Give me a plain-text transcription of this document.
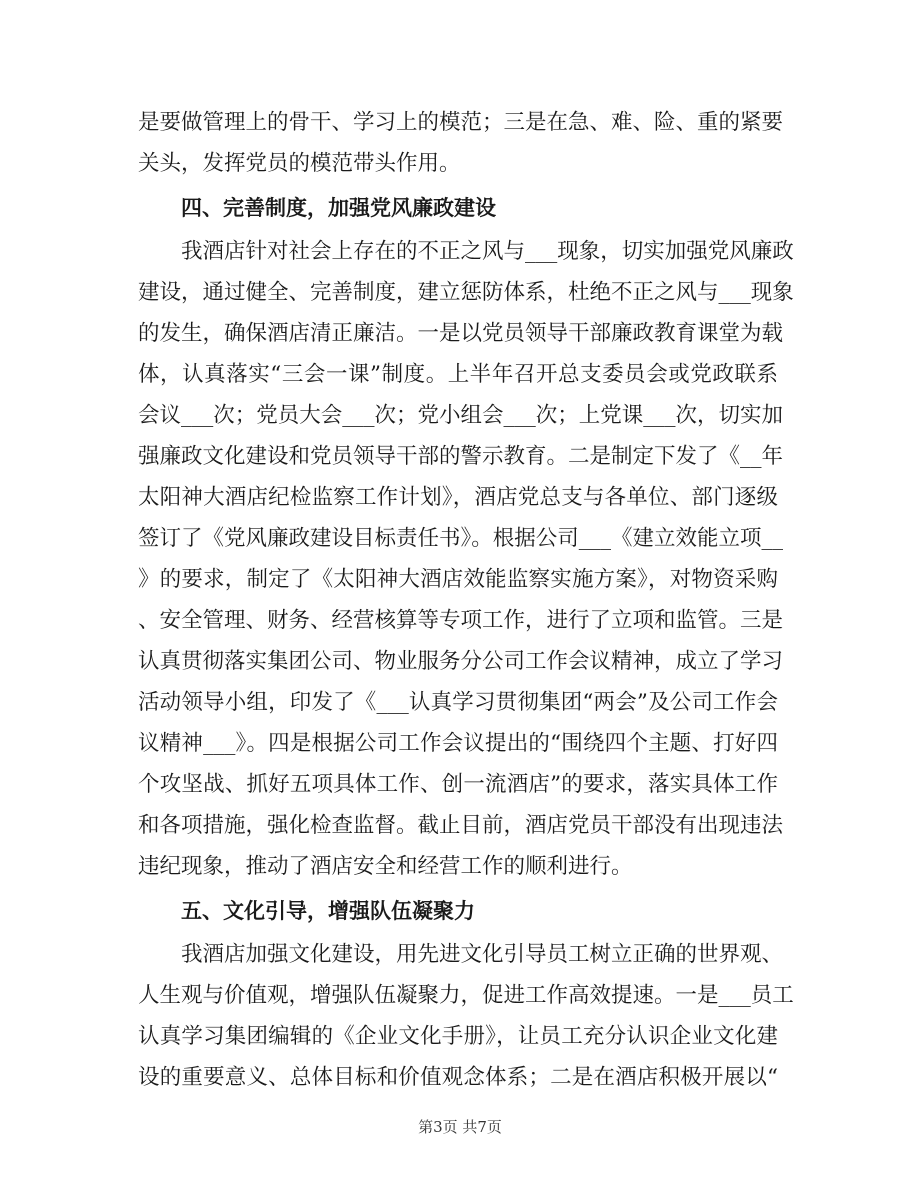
是要做管理上的骨干、学习上的模范；三是在急、难、险、重的紧要
关头，发挥党员的模范带头作用。
四、完善制度，加强党风廉政建设
我酒店针对社会上存在的不正之风与___现象，切实加强党风廉政
建设，通过健全、完善制度，建立惩防体系，杜绝不正之风与___现象
的发生，确保酒店清正廉洁。一是以党员领导干部廉政教育课堂为载
体，认真落实“三会一课”制度。上半年召开总支委员会或党政联系
会议___次；党员大会___次；党小组会___次；上党课___次，切实加
强廉政文化建设和党员领导干部的警示教育。二是制定下发了《__年
太阳神大酒店纪检监察工作计划》，酒店党总支与各单位、部门逐级
签订了《党风廉政建设目标责任书》。根据公司___《建立效能立项__
》的要求，制定了《太阳神大酒店效能监察实施方案》，对物资采购
、安全管理、财务、经营核算等专项工作，进行了立项和监管。三是
认真贯彻落实集团公司、物业服务分公司工作会议精神，成立了学习
活动领导小组，印发了《___认真学习贯彻集团“两会”及公司工作会
议精神___》。四是根据公司工作会议提出的“围绕四个主题、打好四
个攻坚战、抓好五项具体工作、创一流酒店”的要求，落实具体工作
和各项措施，强化检查监督。截止目前，酒店党员干部没有出现违法
违纪现象，推动了酒店安全和经营工作的顺利进行。
五、文化引导，增强队伍凝聚力
我酒店加强文化建设，用先进文化引导员工树立正确的世界观、
人生观与价值观，增强队伍凝聚力，促进工作高效提速。一是___员工
认真学习集团编辑的《企业文化手册》，让员工充分认识企业文化建
设的重要意义、总体目标和价值观念体系；二是在酒店积极开展以“
第3页 共7页
